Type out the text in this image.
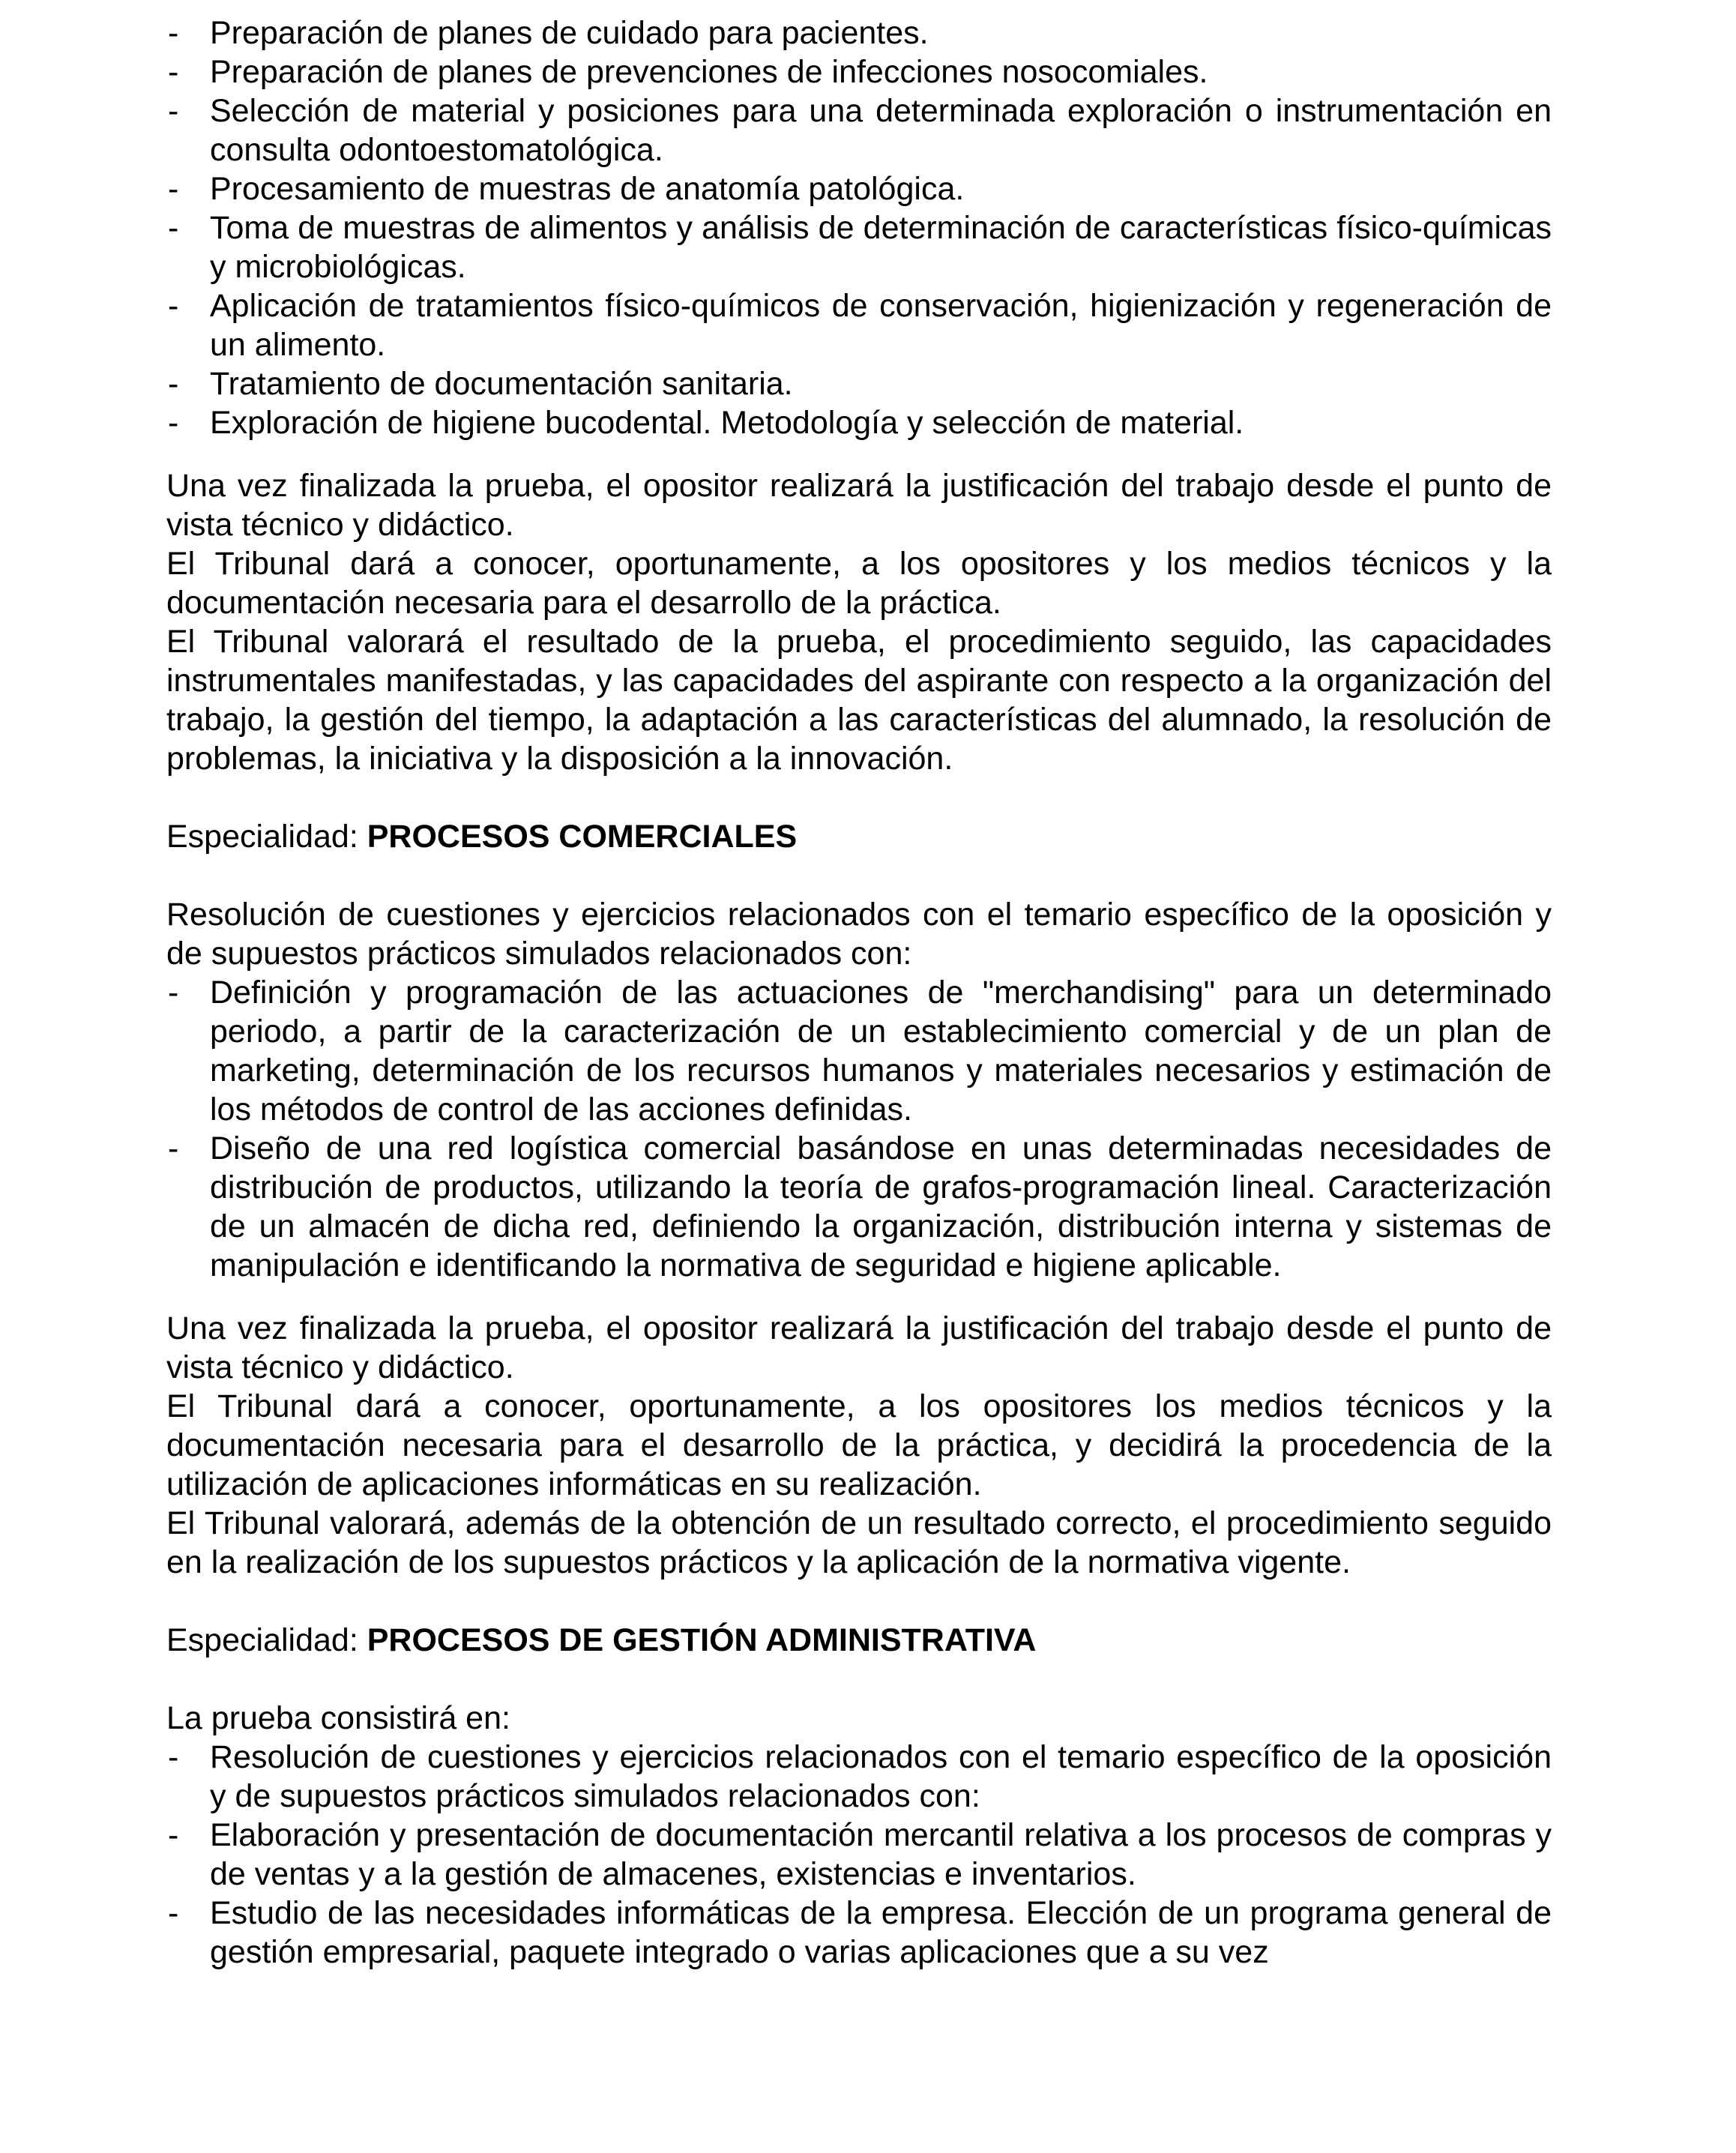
- Preparación de planes de cuidado para pacientes.
- Preparación de planes de prevenciones de infecciones nosocomiales.
- Selección de material y posiciones para una determinada exploración o instrumentación en consulta odontoestomatológica.
- Procesamiento de muestras de anatomía patológica.
- Toma de muestras de alimentos y análisis de determinación de características físico-químicas y microbiológicas.
- Aplicación de tratamientos físico-químicos de conservación, higienización y regeneración de un alimento.
- Tratamiento de documentación sanitaria.
- Exploración de higiene bucodental. Metodología y selección de material.
Una vez finalizada la prueba, el opositor realizará la justificación del trabajo desde el punto de vista técnico y didáctico.
El Tribunal dará a conocer, oportunamente, a los opositores y los medios técnicos y la documentación necesaria para el desarrollo de la práctica.
El Tribunal valorará el resultado de la prueba, el procedimiento seguido, las capacidades instrumentales manifestadas, y las capacidades del aspirante con respecto a la organización del trabajo, la gestión del tiempo, la adaptación a las características del alumnado, la resolución de problemas, la iniciativa y la disposición a la innovación.
Especialidad: PROCESOS COMERCIALES
Resolución de cuestiones y ejercicios relacionados con el temario específico de la oposición y de supuestos prácticos simulados relacionados con:
- Definición y programación de las actuaciones de "merchandising" para un determinado periodo, a partir de la caracterización de un establecimiento comercial y de un plan de marketing, determinación de los recursos humanos y materiales necesarios y estimación de los métodos de control de las acciones definidas.
- Diseño de una red logística comercial basándose en unas determinadas necesidades de distribución de productos, utilizando la teoría de grafos-programación lineal. Caracterización de un almacén de dicha red, definiendo la organización, distribución interna y sistemas de manipulación e identificando la normativa de seguridad e higiene aplicable.
Una vez finalizada la prueba, el opositor realizará la justificación del trabajo desde el punto de vista técnico y didáctico.
El Tribunal dará a conocer, oportunamente, a los opositores los medios técnicos y la documentación necesaria para el desarrollo de la práctica, y decidirá la procedencia de la utilización de aplicaciones informáticas en su realización.
El Tribunal valorará, además de la obtención de un resultado correcto, el procedimiento seguido en la realización de los supuestos prácticos y la aplicación de la normativa vigente.
Especialidad: PROCESOS DE GESTIÓN ADMINISTRATIVA
La prueba consistirá en:
- Resolución de cuestiones y ejercicios relacionados con el temario específico de la oposición y de supuestos prácticos simulados relacionados con:
- Elaboración y presentación de documentación mercantil relativa a los procesos de compras y de ventas y a la gestión de almacenes, existencias e inventarios.
- Estudio de las necesidades informáticas de la empresa. Elección de un programa general de gestión empresarial, paquete integrado o varias aplicaciones que a su vez
